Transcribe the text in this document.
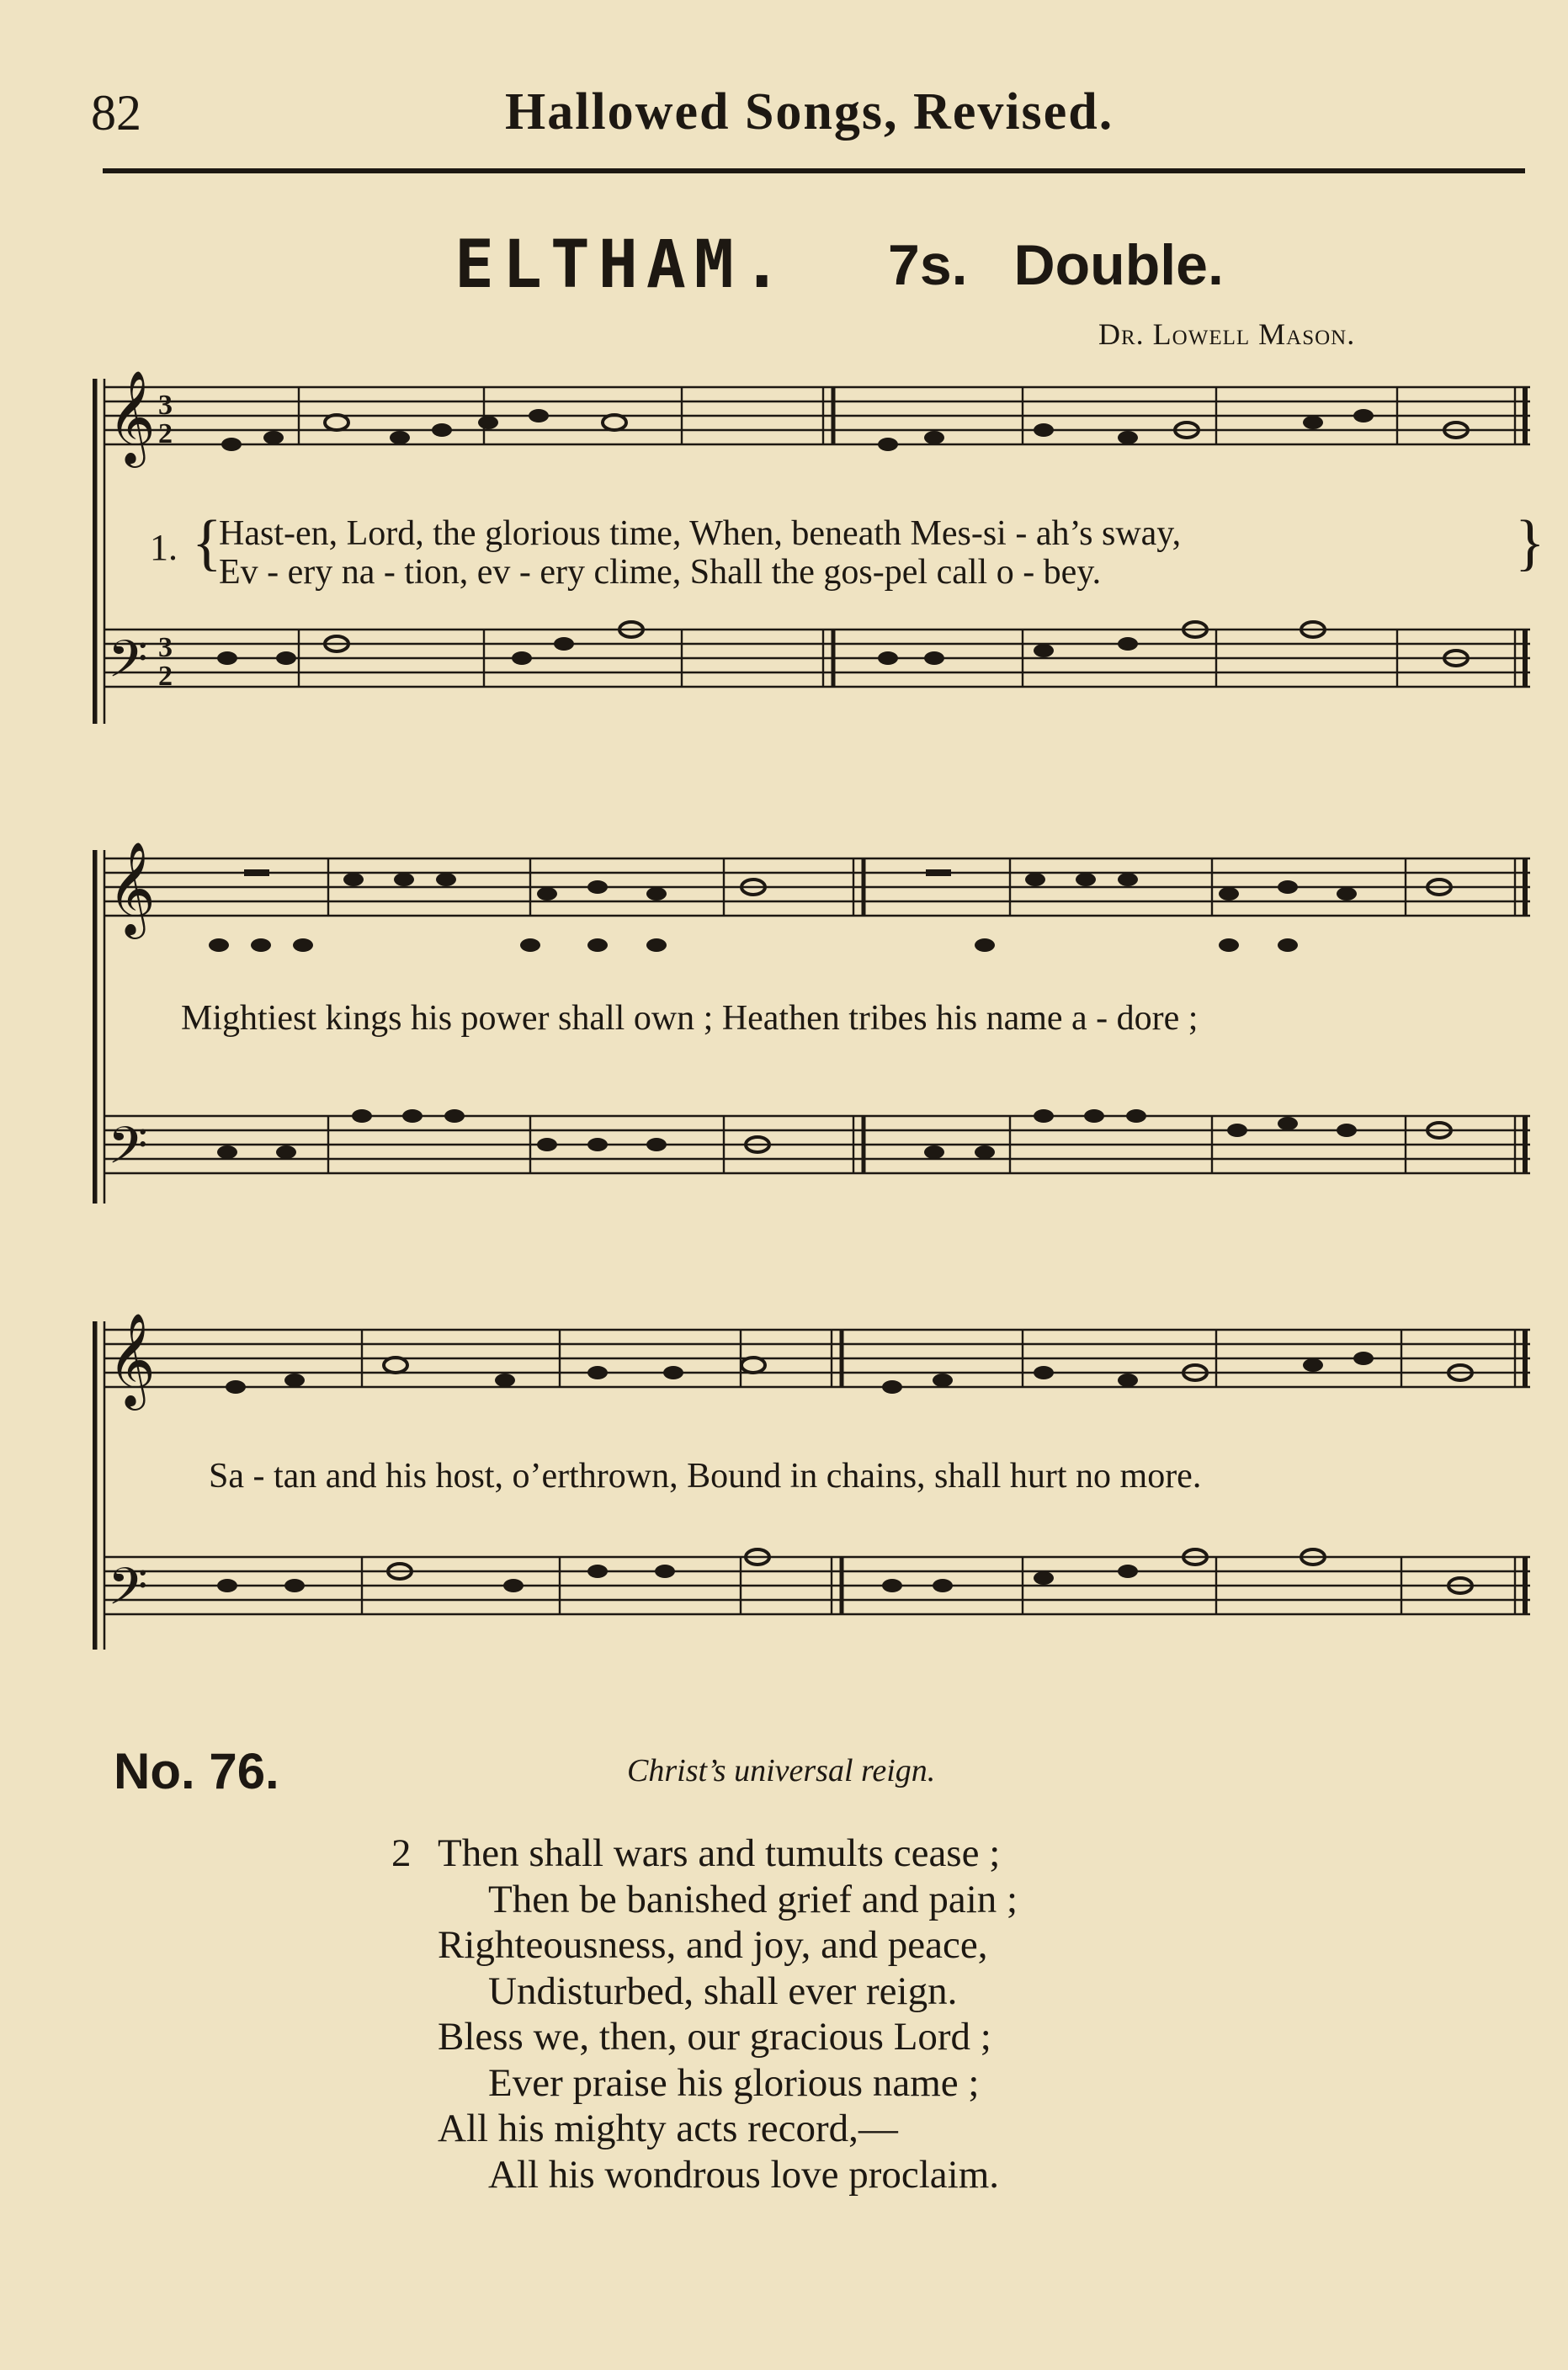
82	Hallowed Songs, Revised.
ELTHAM. 7s. Double.
Dr. Lowell Mason.
𝄞
𝄢
3
2
3
2
1. {
Hast-en, Lord, the glorious time, When, beneath Mes-si - ah’s sway,
Ev - ery na - tion, ev - ery clime, Shall the gos-pel call o - bey.	}
𝄞
𝄢
Mightiest kings his power shall own ; Heathen tribes his name a - dore ;
𝄞
𝄢
Sa - tan and his host, o’erthrown, Bound in chains, shall hurt no more.
No. 76.	Christ’s universal reign.
2 Then shall wars and tumults cease ;
Then be banished grief and pain ;
Righteousness, and joy, and peace,
Undisturbed, shall ever reign.
Bless we, then, our gracious Lord ;
Ever praise his glorious name ;
All his mighty acts record,—
All his wondrous love proclaim.
